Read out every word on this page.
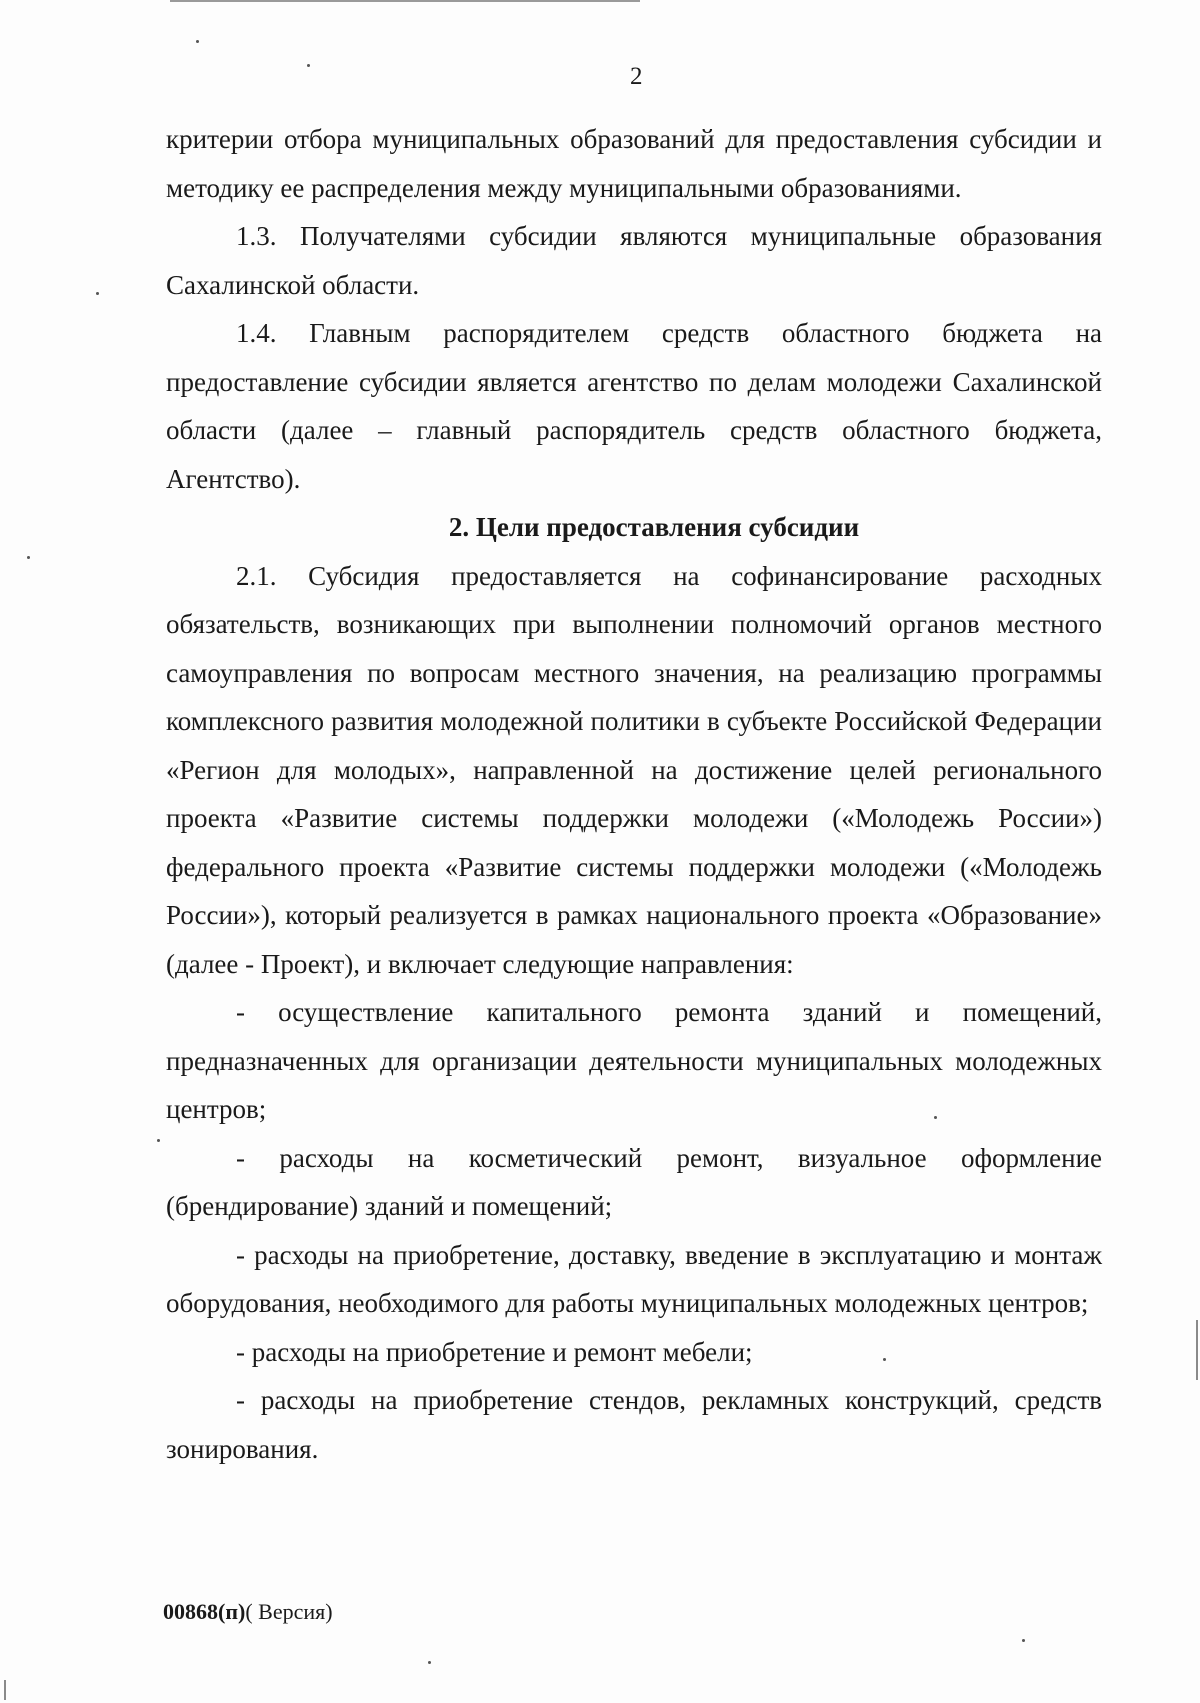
2

критерии отбора муниципальных образований для предоставления субсидии и методику ее распределения между муниципальными образованиями.

1.3. Получателями субсидии являются муниципальные образования Сахалинской области.

1.4. Главным распорядителем средств областного бюджета на предоставление субсидии является агентство по делам молодежи Сахалинской области (далее – главный распорядитель средств областного бюджета, Агентство).

2. Цели предоставления субсидии

2.1. Субсидия предоставляется на софинансирование расходных обязательств, возникающих при выполнении полномочий органов местного самоуправления по вопросам местного значения, на реализацию программы комплексного развития молодежной политики в субъекте Российской Федерации «Регион для молодых», направленной на достижение целей регионального проекта «Развитие системы поддержки молодежи («Молодежь России») федерального проекта «Развитие системы поддержки молодежи («Молодежь России»), который реализуется в рамках национального проекта «Образование» (далее - Проект), и включает следующие направления:

- осуществление капитального ремонта зданий и помещений, предназначенных для организации деятельности муниципальных молодежных центров;

- расходы на косметический ремонт, визуальное оформление (брендирование) зданий и помещений;

- расходы на приобретение, доставку, введение в эксплуатацию и монтаж оборудования, необходимого для работы муниципальных молодежных центров;

- расходы на приобретение и ремонт мебели;

- расходы на приобретение стендов, рекламных конструкций, средств зонирования.

00868(п)( Версия)
